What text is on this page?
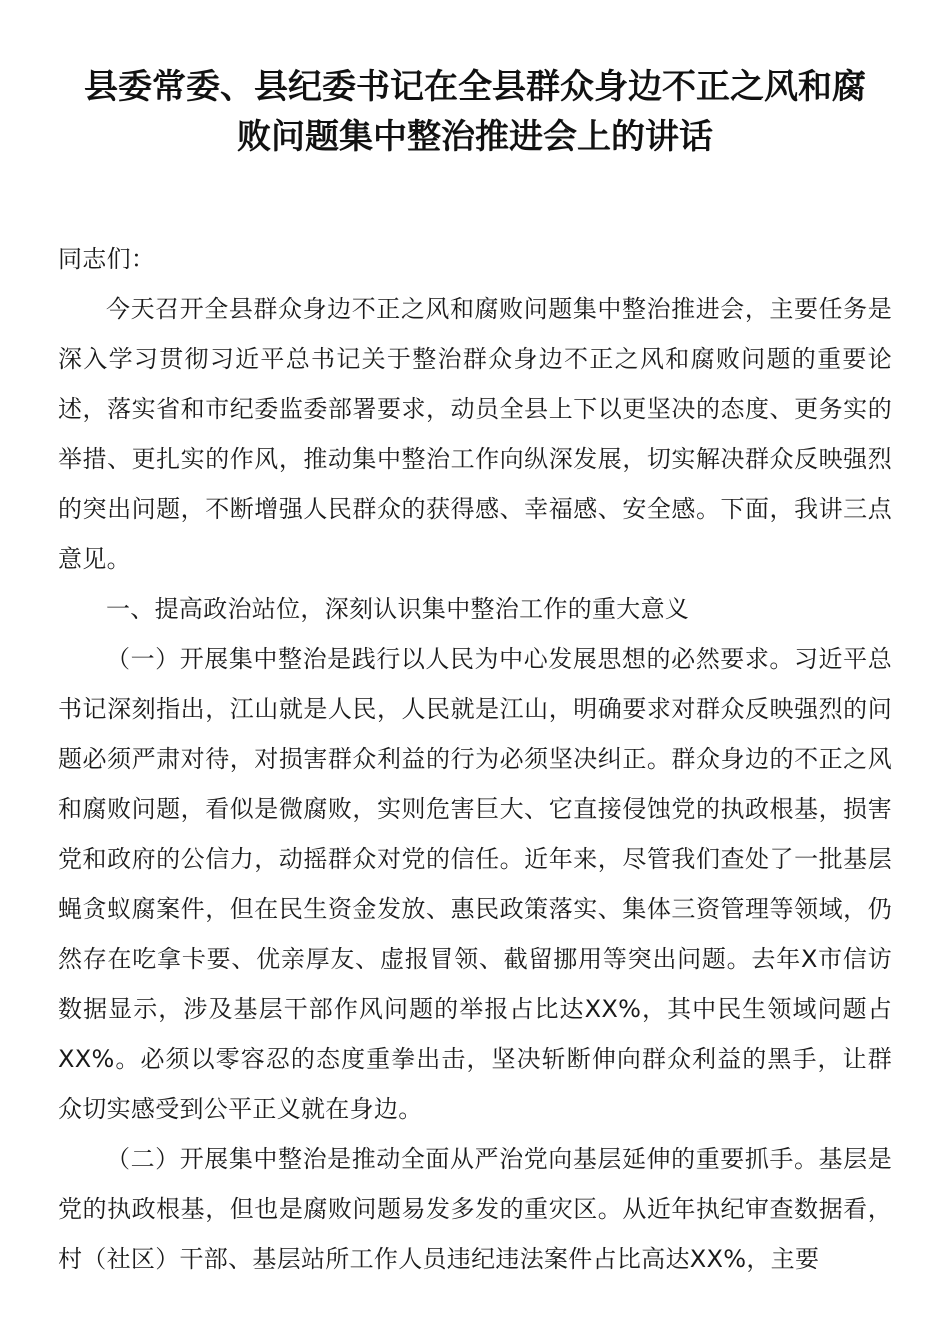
县委常委、县纪委书记在全县群众身边不正之风和腐
败问题集中整治推进会上的讲话

同志们：

今天召开全县群众身边不正之风和腐败问题集中整治推进会，主要任务是深入学习贯彻习近平总书记关于整治群众身边不正之风和腐败问题的重要论述，落实省和市纪委监委部署要求，动员全县上下以更坚决的态度、更务实的举措、更扎实的作风，推动集中整治工作向纵深发展，切实解决群众反映强烈的突出问题，不断增强人民群众的获得感、幸福感、安全感。下面，我讲三点意见。

一、提高政治站位，深刻认识集中整治工作的重大意义

（一）开展集中整治是践行以人民为中心发展思想的必然要求。习近平总书记深刻指出，江山就是人民，人民就是江山，明确要求对群众反映强烈的问题必须严肃对待，对损害群众利益的行为必须坚决纠正。群众身边的不正之风和腐败问题，看似是微腐败，实则危害巨大、它直接侵蚀党的执政根基，损害党和政府的公信力，动摇群众对党的信任。近年来，尽管我们查处了一批基层蝇贪蚁腐案件，但在民生资金发放、惠民政策落实、集体三资管理等领域，仍然存在吃拿卡要、优亲厚友、虚报冒领、截留挪用等突出问题。去年X市信访数据显示，涉及基层干部作风问题的举报占比达XX%，其中民生领域问题占XX%。必须以零容忍的态度重拳出击，坚决斩断伸向群众利益的黑手，让群众切实感受到公平正义就在身边。

（二）开展集中整治是推动全面从严治党向基层延伸的重要抓手。基层是党的执政根基，但也是腐败问题易发多发的重灾区。从近年执纪审查数据看，村（社区）干部、基层站所工作人员违纪违法案件占比高达XX%，主要
